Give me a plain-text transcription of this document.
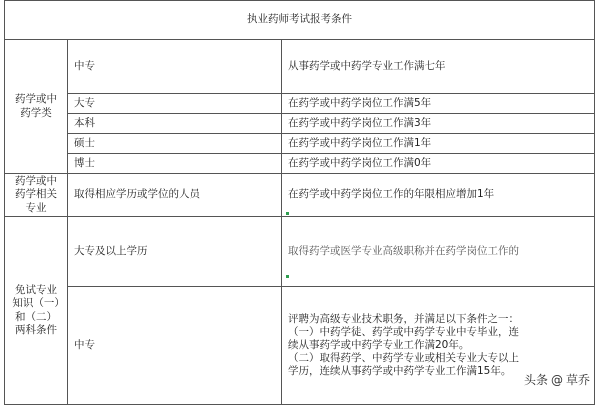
执业药师考试报考条件		
药学或中药学类	中专	从事药学或中药学专业工作满七年
	大专	在药学或中药学岗位工作满5年
	本科	在药学或中药学岗位工作满3年
	硕士	在药学或中药学岗位工作满1年
	博士	在药学或中药学岗位工作满0年
药学或中药学相关专业	取得相应学历或学位的人员	在药学或中药学岗位工作的年限相应增加1年
免试专业知识（一）和（二）两科条件	大专及以上学历	取得药学或医学专业高级职称并在药学岗位工作的
	中专	评聘为高级专业技术职务，并满足以下条件之一：
（一）中药学徒、药学或中药学专业中专毕业，连
续从事药学或中药学专业工作满20年。
（二）取得药学、中药学专业或相关专业大专以上
学历，连续从事药学或中药学专业工作满15年。
头条 @ 草乔
